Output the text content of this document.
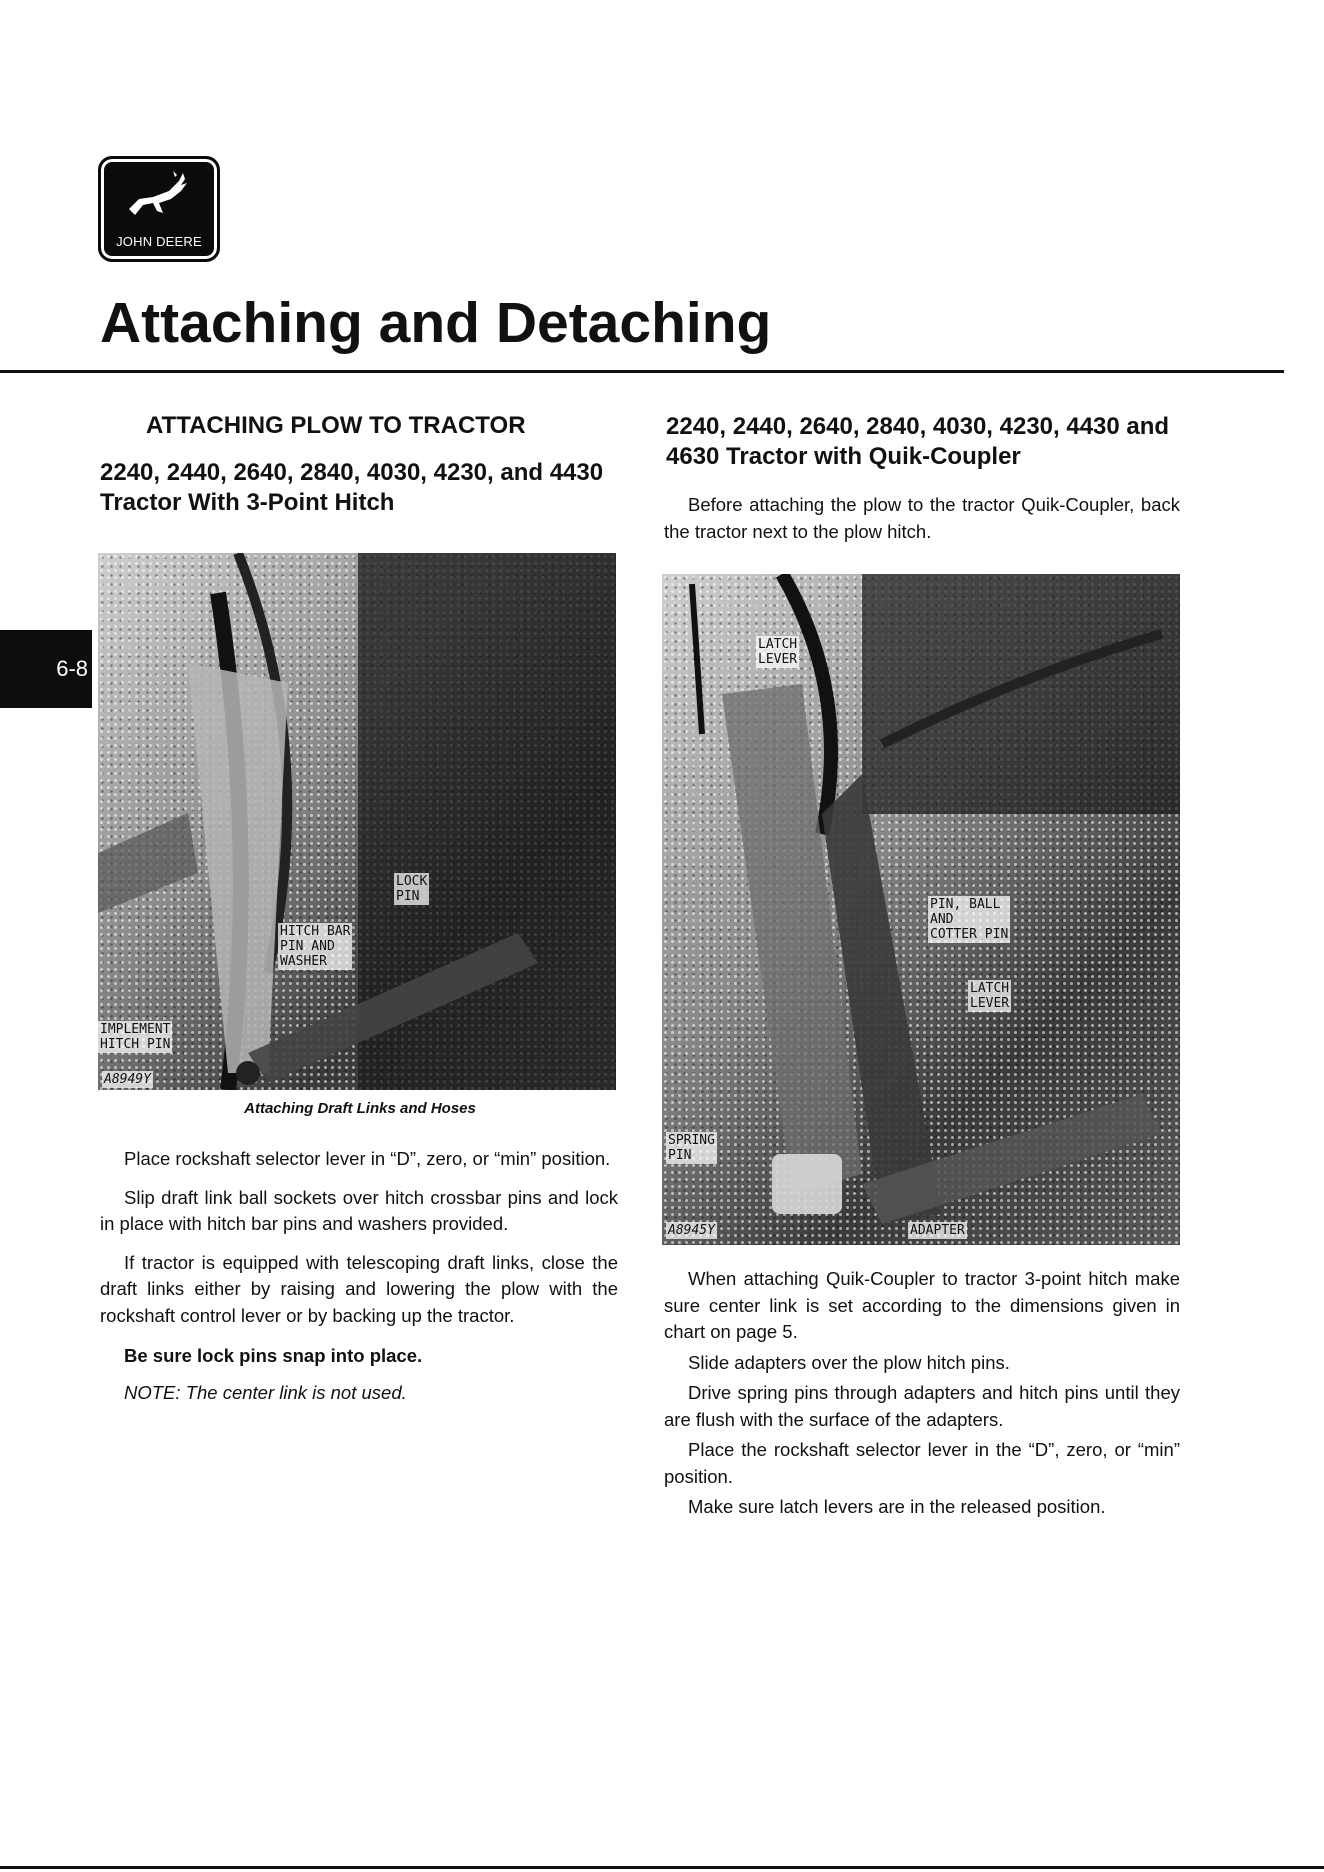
JOHN DEERE
Attaching and Detaching
6-8
ATTACHING PLOW TO TRACTOR
2240, 2440, 2640, 2840, 4030, 4230, and 4430 Tractor With 3-Point Hitch
LOCK
PIN
HITCH BAR
PIN AND
WASHER
IMPLEMENT
HITCH PIN
A8949Y
Attaching Draft Links and Hoses

Place rockshaft selector lever in “D”, zero, or “min” position.

Slip draft link ball sockets over hitch crossbar pins and lock in place with hitch bar pins and washers provided.

If tractor is equipped with telescoping draft links, close the draft links either by raising and lowering the plow with the rockshaft control lever or by backing up the tractor.

Be sure lock pins snap into place.

NOTE: The center link is not used.

2240, 2440, 2640, 2840, 4030, 4230, 4430 and 4630 Tractor with Quik-Coupler

Before attaching the plow to the tractor Quik-Coupler, back the tractor next to the plow hitch.

LATCH
LEVER
PIN, BALL
AND
COTTER PIN
LATCH
LEVER
SPRING
PIN
ADAPTER
A8945Y

When attaching Quik-Coupler to tractor 3-point hitch make sure center link is set according to the dimensions given in chart on page 5.

Slide adapters over the plow hitch pins.

Drive spring pins through adapters and hitch pins until they are flush with the surface of the adapters.

Place the rockshaft selector lever in the “D”, zero, or “min” position.

Make sure latch levers are in the released position.
